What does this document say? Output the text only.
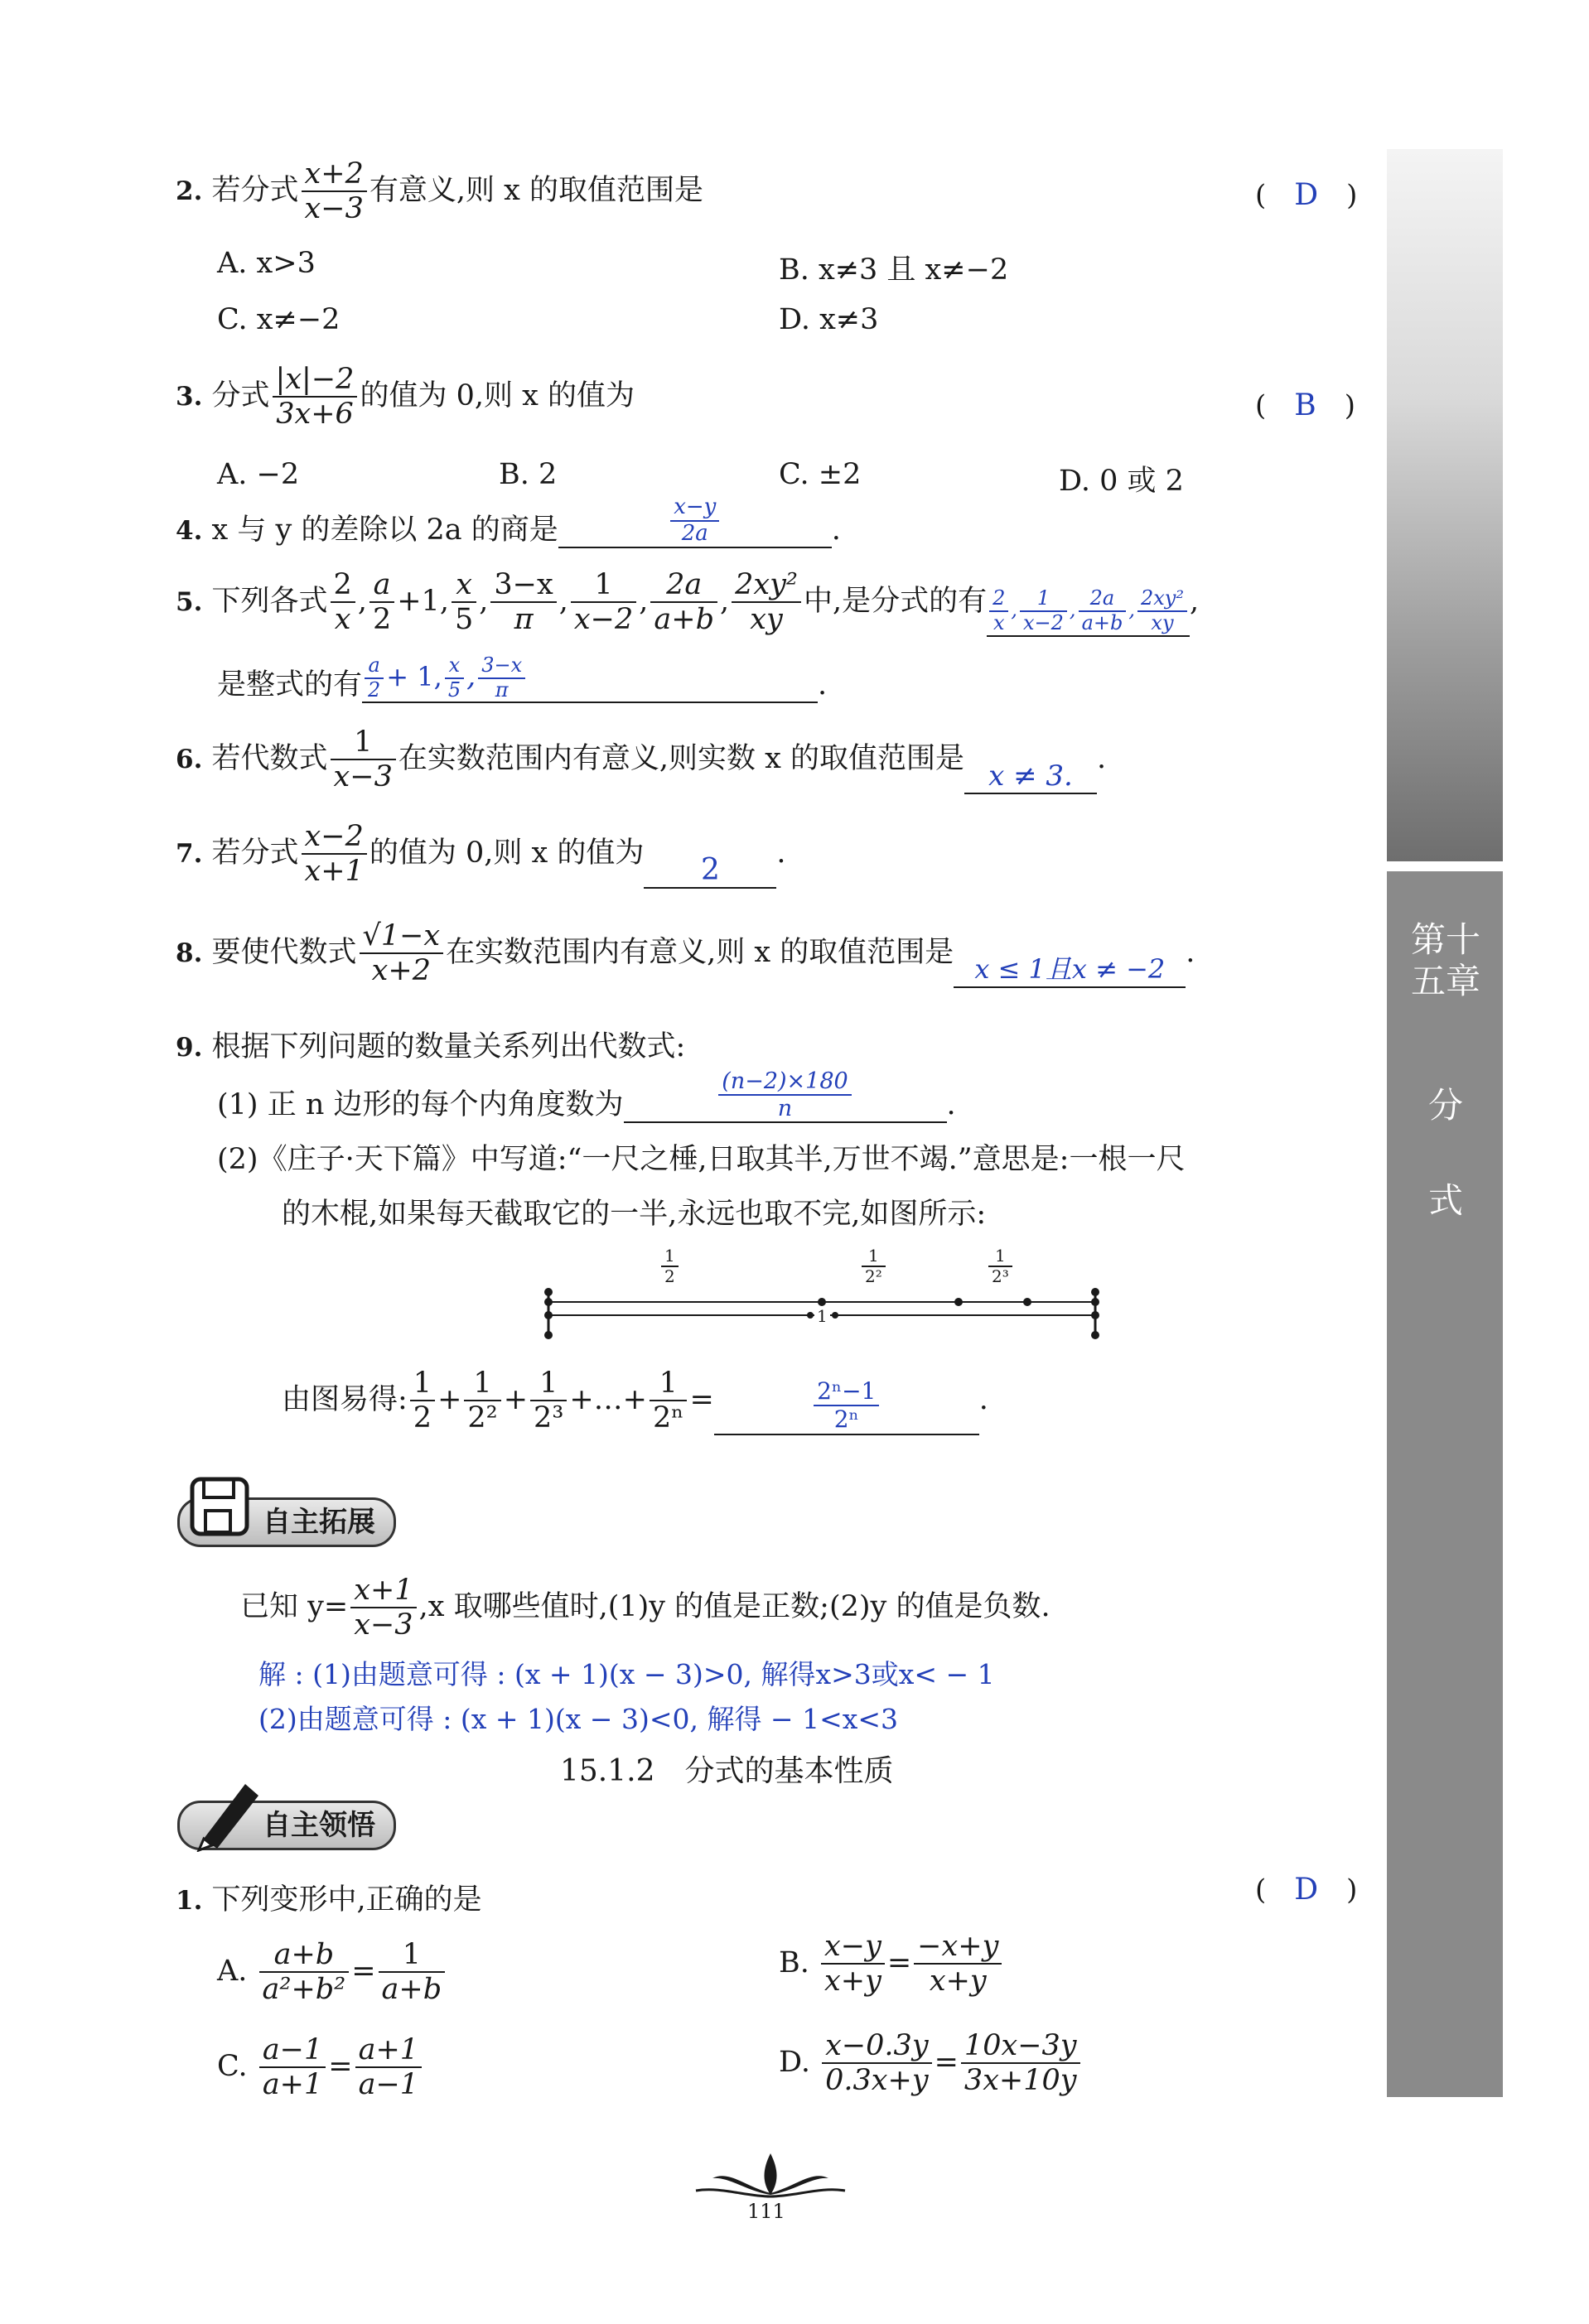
第十五章
分
式
2. 若分式 $\frac{x+2}{x-3}$ 有意义,则 x 的取值范围是	(　D　)
A. x>3	B. x≠3 且 x≠−2
C. x≠−2	D. x≠3
3. 分式 $\frac{|x|-2}{3x+6}$ 的值为 0,则 x 的值为	(　B　)
A. −2	B. 2	C. ±2	D. 0 或 2
4. x 与 y 的差除以 2a 的商是	$\frac{x-y}{2a}$	.
5. 下列各式 $\frac{2}{x}$ , $\frac{a}{2} +1$, $\frac{x}{5}$ , $\frac{3-x}{\pi}$ , $\frac{1}{x-2}$ , $\frac{2a}{a+b}$ , $\frac{\text{2xy²}}{xy}$ 中,是分式的有 $\frac{2}{x}$ , $\frac{1}{x-2}$ , $\frac{2a}{a+b}$ , $\frac{\text{2xy²}}{xy}$ ,
是整式的有 $\frac{a}{2} + 1$, $\frac{x}{5}$ , $\frac{3-x}{\pi}$	.
6. 若代数式 $\frac{1}{x-3}$ 在实数范围内有意义,则实数 x 的取值范围是x ≠ 3..
7. 若分式 $\frac{x-2}{x+1}$ 的值为 0,则 x 的值为 2 .
8. 要使代数式 $\frac{√1-x}{x+2}$ 在实数范围内有意义,则 x 的取值范围是 x ≤ 1且x ≠ −2 .
9. 根据下列问题的数量关系列出代数式:
(1) 正 n 边形的每个内角度数为	$\frac{(n-2)\times 180}{n}$	.
(2)《庄子·天下篇》中写道:“一尺之棰,日取其半,万世不竭.”意思是:一根一尺
的木棍,如果每天截取它的一半,永远也取不完,如图所示:
$\frac{1}{2}$	$\frac{1}{\text{2²}}$	$\frac{1}{\text{2³}}$
1
由图易得: $\frac{1}{2} + \frac{1}{\text{2²}} + \frac{1}{\text{2³}}$ +…+ $\frac{1}{\text{2ⁿ}}$ =	$\frac{\text{2ⁿ−1}}{\text{2ⁿ}}$	.
自主拓展
已知 $y= \frac{x+1}{x-3} ,x$ 取哪些值时,(1)y 的值是正数;(2)y 的值是负数.
解 : (1)由题意可得 : (x + 1)(x − 3)>0, 解得x>3或x< − 1
(2)由题意可得 : (x + 1)(x − 3)<0, 解得 − 1<x<3
15.1.2　分式的基本性质
自主领悟
1. 下列变形中,正确的是	(　D　)
A. $\frac{a+b}{\text{a²+b²}} = \frac{1}{a+b}$	B. $\frac{x-y}{x+y} = \frac{-x+y}{x+y}$
C. $\frac{a-1}{a+1} = \frac{a+1}{a-1}$	D. $\frac{x-0.3y}{0.3x+y} = \frac{10x-3y}{3x+10y}$
111
